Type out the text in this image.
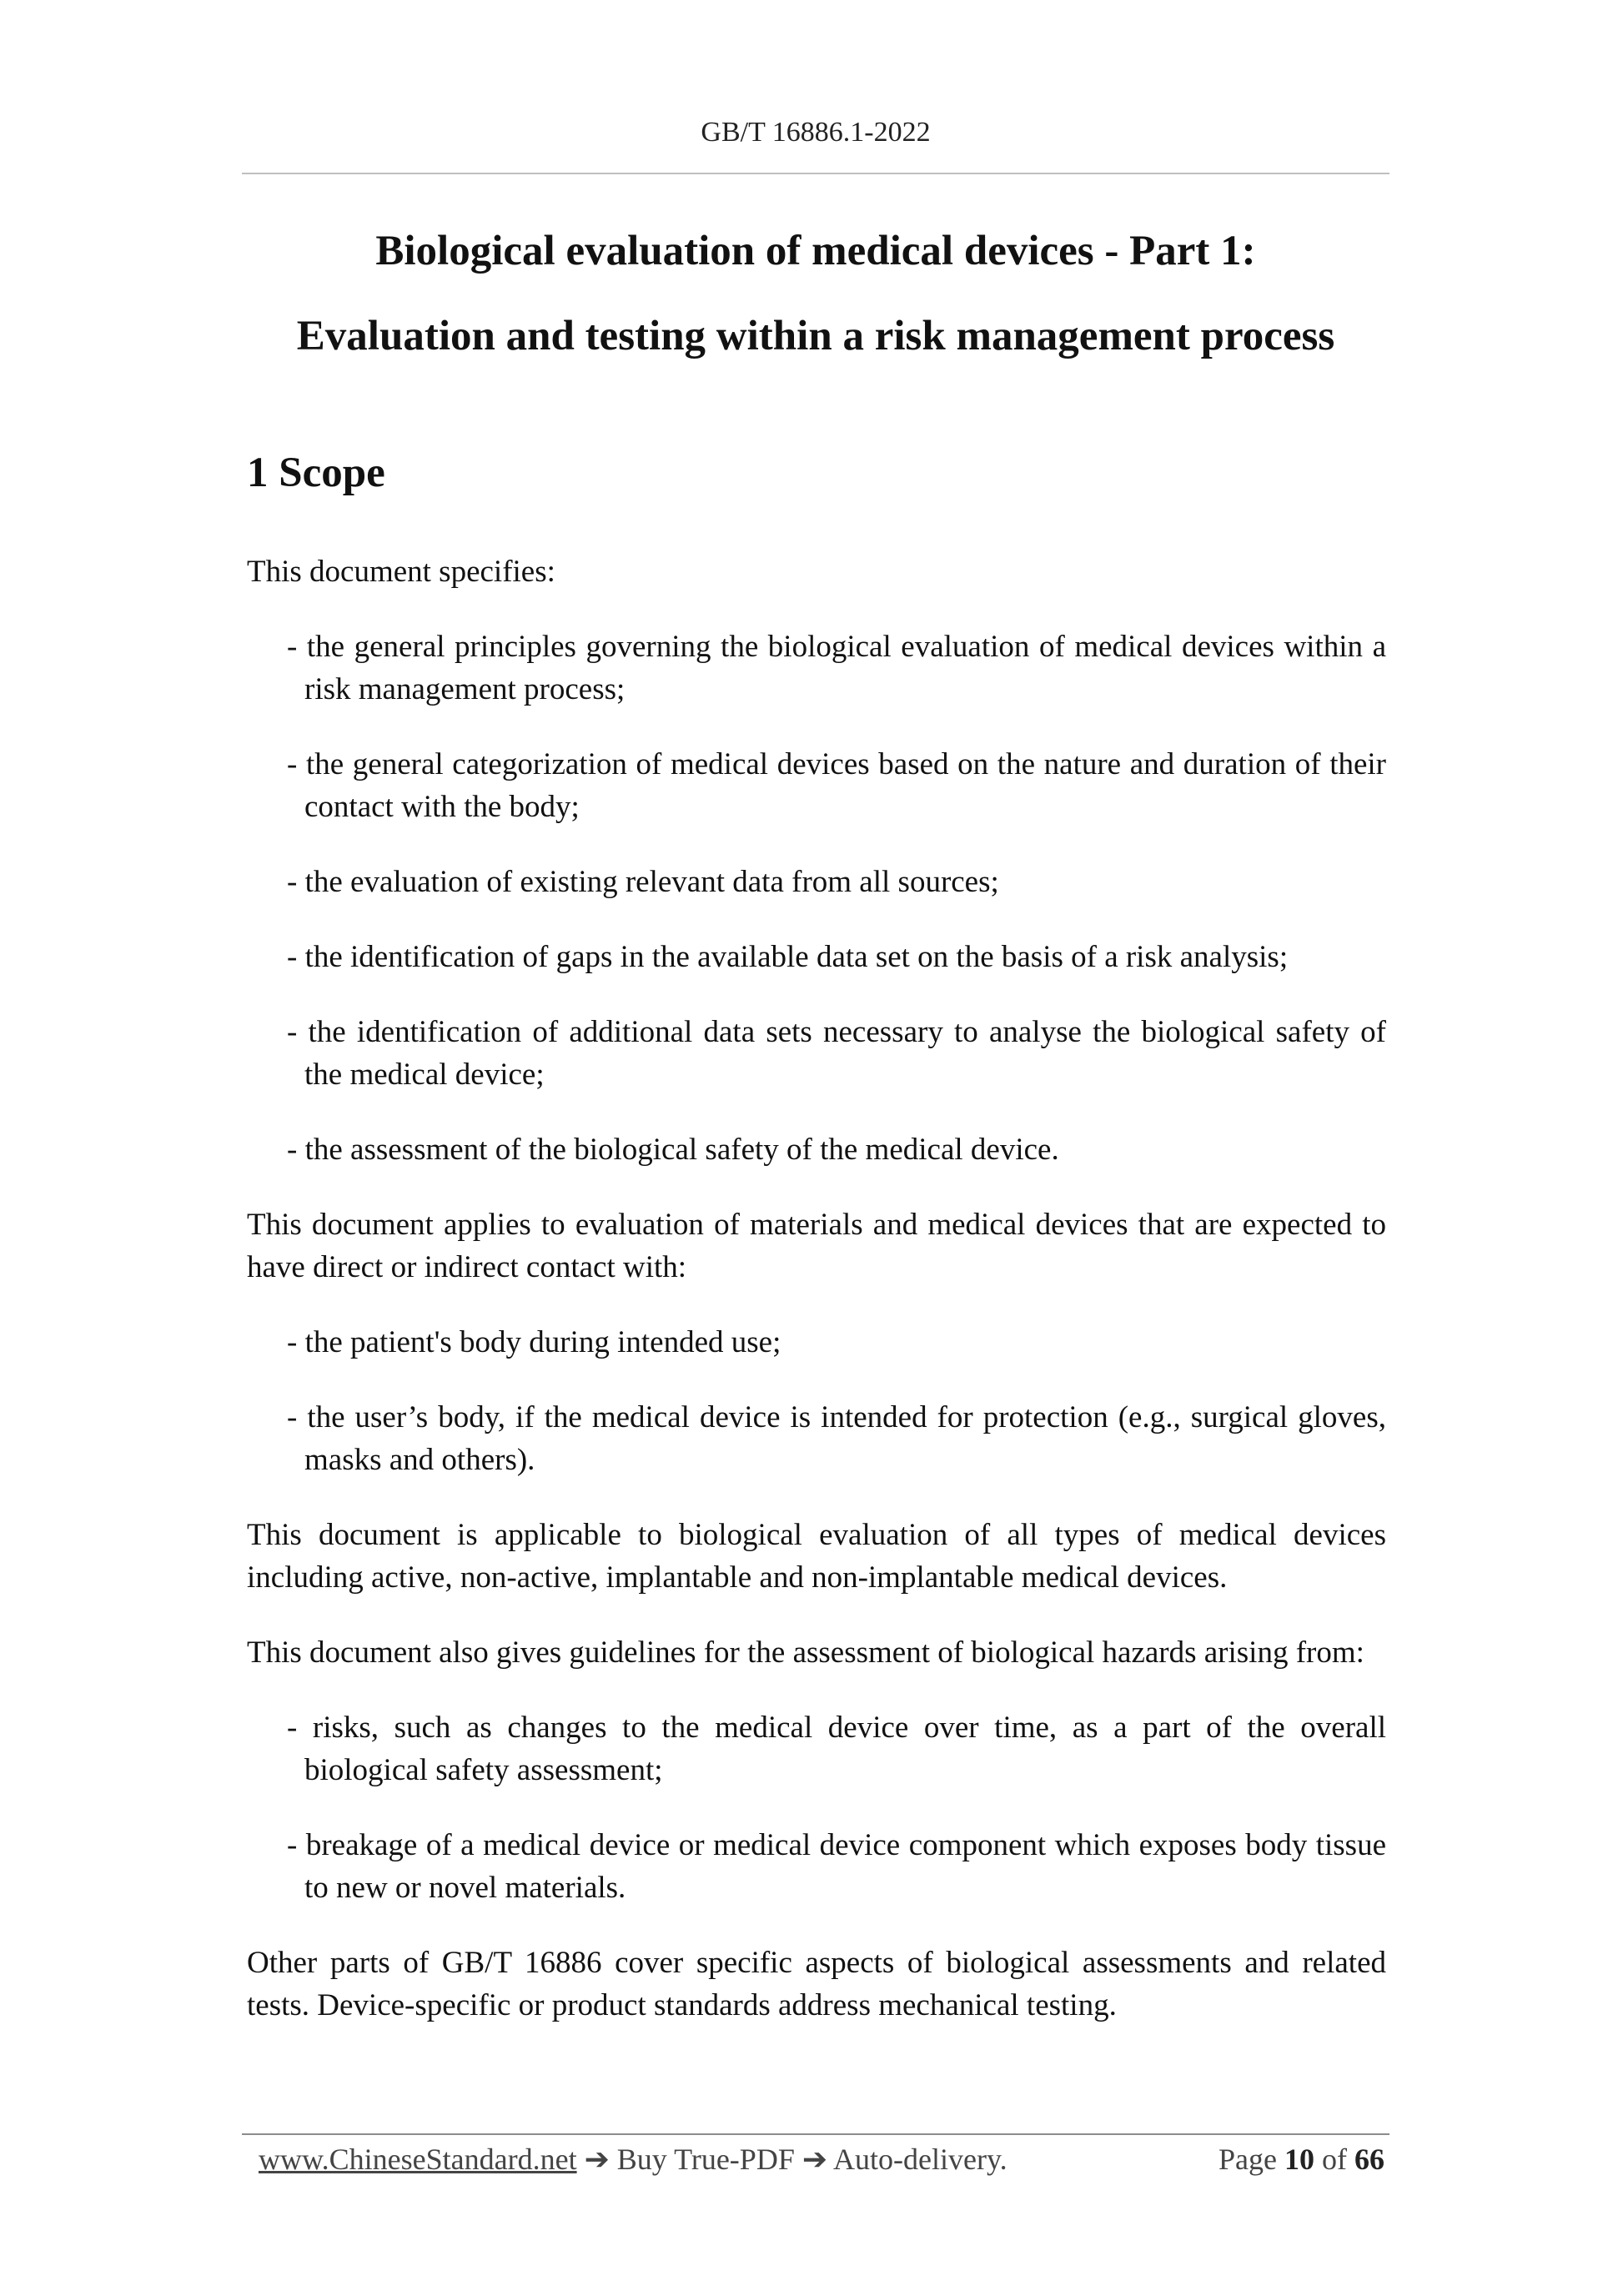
GB/T 16886.1-2022
Biological evaluation of medical devices - Part 1:
Evaluation and testing within a risk management process
1 Scope

This document specifies:

- the general principles governing the biological evaluation of medical devices within a risk management process;

- the general categorization of medical devices based on the nature and duration of their contact with the body;

- the evaluation of existing relevant data from all sources;

- the identification of gaps in the available data set on the basis of a risk analysis;

- the identification of additional data sets necessary to analyse the biological safety of the medical device;

- the assessment of the biological safety of the medical device.

This document applies to evaluation of materials and medical devices that are expected to have direct or indirect contact with:

- the patient's body during intended use;

- the user’s body, if the medical device is intended for protection (e.g., surgical gloves, masks and others).

This document is applicable to biological evaluation of all types of medical devices including active, non-active, implantable and non-implantable medical devices.

This document also gives guidelines for the assessment of biological hazards arising from:

- risks, such as changes to the medical device over time, as a part of the overall biological safety assessment;

- breakage of a medical device or medical device component which exposes body tissue to new or novel materials.

Other parts of GB/T 16886 cover specific aspects of biological assessments and related tests. Device-specific or product standards address mechanical testing.

www.ChineseStandard.net ➔ Buy True-PDF ➔ Auto-delivery.	Page 10 of 66
